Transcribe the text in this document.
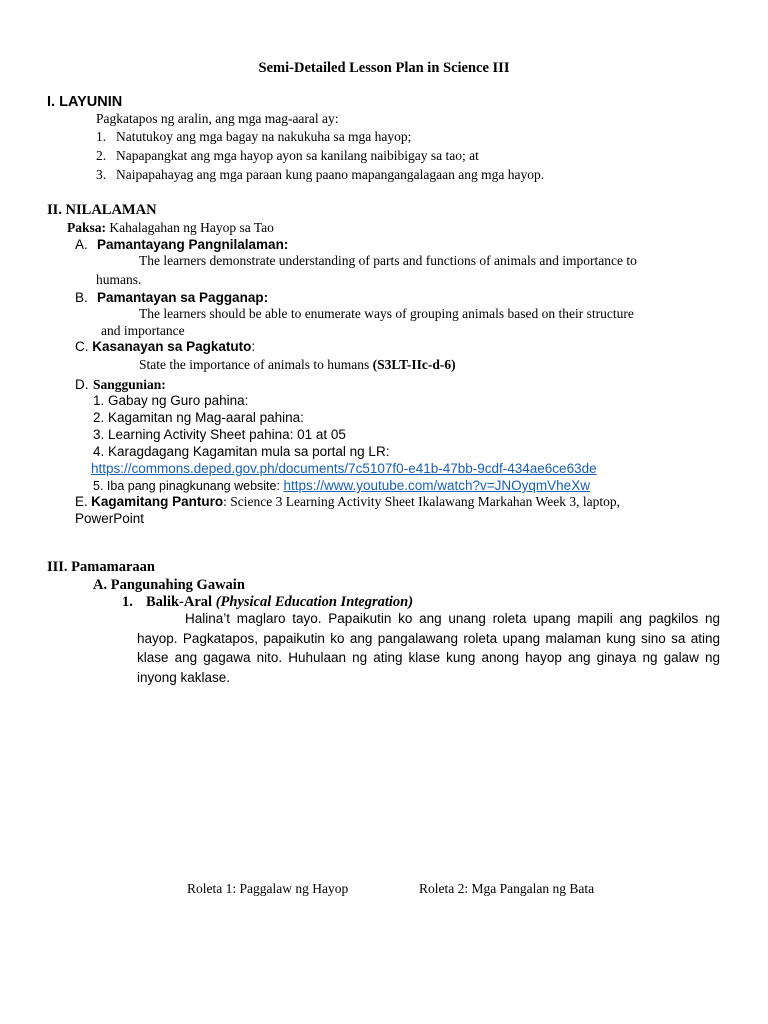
Semi-Detailed Lesson Plan in Science III
I. LAYUNIN
Pagkatapos ng aralin, ang mga mag-aaral ay:
1. Natutukoy ang mga bagay na nakukuha sa mga hayop;
2. Napapangkat ang mga hayop ayon sa kanilang naibibigay sa tao; at
3. Naipapahayag ang mga paraan kung paano mapangangalagaan ang mga hayop.
II. NILALAMAN
Paksa: Kahalagahan ng Hayop sa Tao
A. Pamantayang Pangnilalaman:
The learners demonstrate understanding of parts and functions of animals and importance to
humans.
B. Pamantayan sa Pagganap:
The learners should be able to enumerate ways of grouping animals based on their structure
and importance
C. Kasanayan sa Pagkatuto:
State the importance of animals to humans (S3LT-IIc-d-6)
D. Sanggunian:
1. Gabay ng Guro pahina:
2. Kagamitan ng Mag-aaral pahina:
3. Learning Activity Sheet pahina: 01 at 05
4. Karagdagang Kagamitan mula sa portal ng LR:
https://commons.deped.gov.ph/documents/7c5107f0-e41b-47bb-9cdf-434ae6ce63de
5. Iba pang pinagkunang website: https://www.youtube.com/watch?v=JNOyqmVheXw
E. Kagamitang Panturo: Science 3 Learning Activity Sheet Ikalawang Markahan Week 3, laptop,
PowerPoint
III. Pamamaraan
A. Pangunahing Gawain
1. Balik-Aral (Physical Education Integration)
Halina’t maglaro tayo. Papaikutin ko ang unang roleta upang mapili ang pagkilos ng hayop. Pagkatapos, papaikutin ko ang pangalawang roleta upang malaman kung sino sa ating klase ang gagawa nito. Huhulaan ng ating klase kung anong hayop ang ginaya ng galaw ng inyong kaklase.
Roleta 1: Paggalaw ng Hayop	Roleta 2: Mga Pangalan ng Bata
